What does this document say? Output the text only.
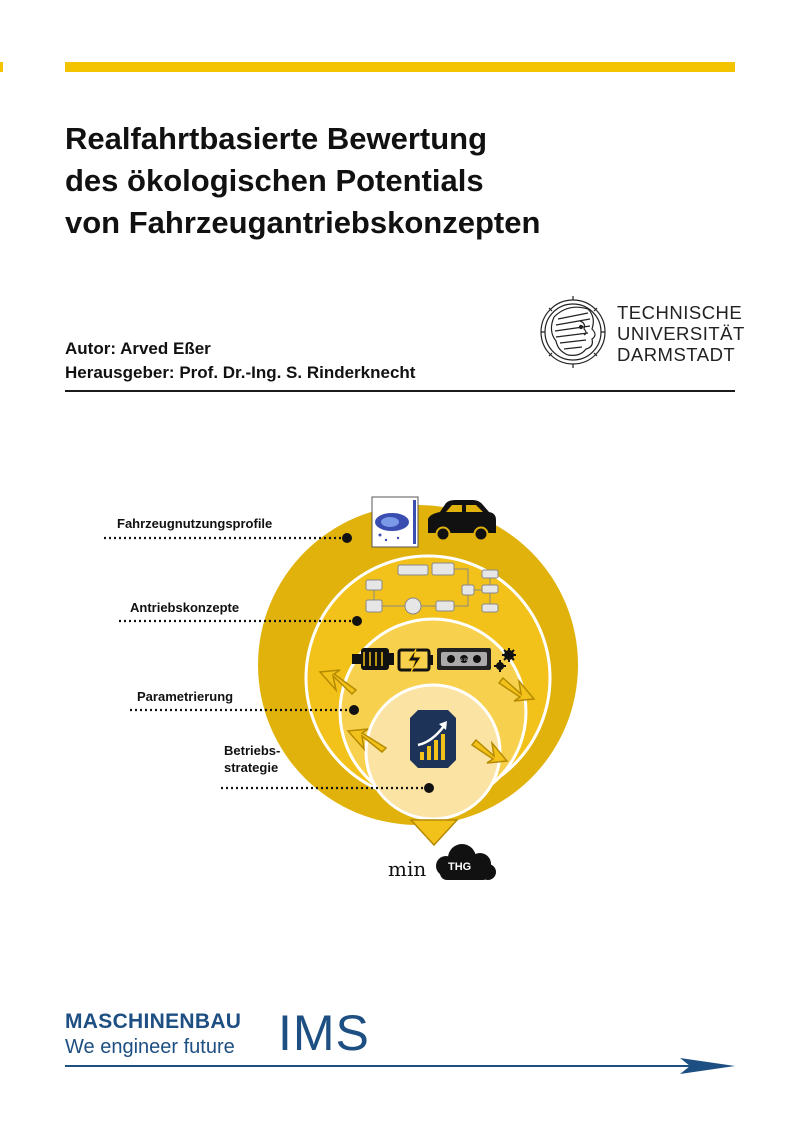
Realfahrtbasierte Bewertung
des ökologischen Potentials
von Fahrzeugantriebskonzepten
TECHNISCHE
UNIVERSITÄT
DARMSTADT
Autor: Arved Eßer
Herausgeber: Prof. Dr.-Ing. S. Rinderknecht
0.70
Fahrzeugnutzungsprofile
Antriebskonzepte
Parametrierung
Betriebs-
strategie
min THG
MASCHINENBAU
We engineer future IMS
